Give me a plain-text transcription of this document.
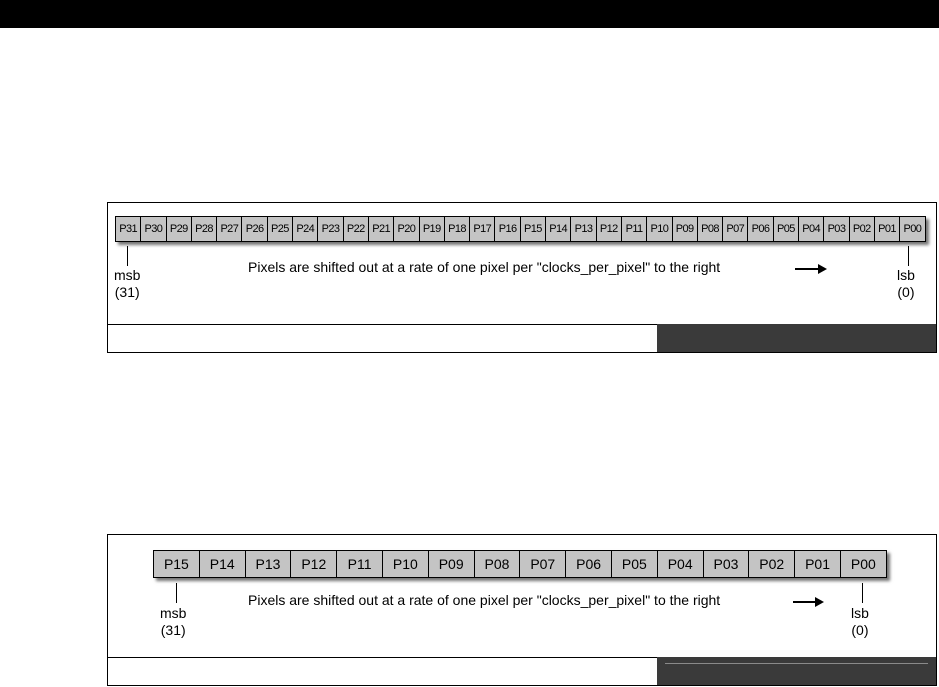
P31 P30 P29 P28 P27 P26 P25 P24 P23 P22 P21 P20 P19 P18 P17 P16 P15 P14 P13 P12 P11 P10 P09 P08 P07 P06 P05 P04 P03 P02 P01 P00
msb
(31)
Pixels are shifted out at a rate of one pixel per "clocks_per_pixel" to the right	lsb
(0)
P15	P14	P13	P12	P11	P10	P09	P08	P07	P06	P05	P04	P03	P02	P01	P00
msb
(31)
Pixels are shifted out at a rate of one pixel per "clocks_per_pixel" to the right
lsb
(0)
